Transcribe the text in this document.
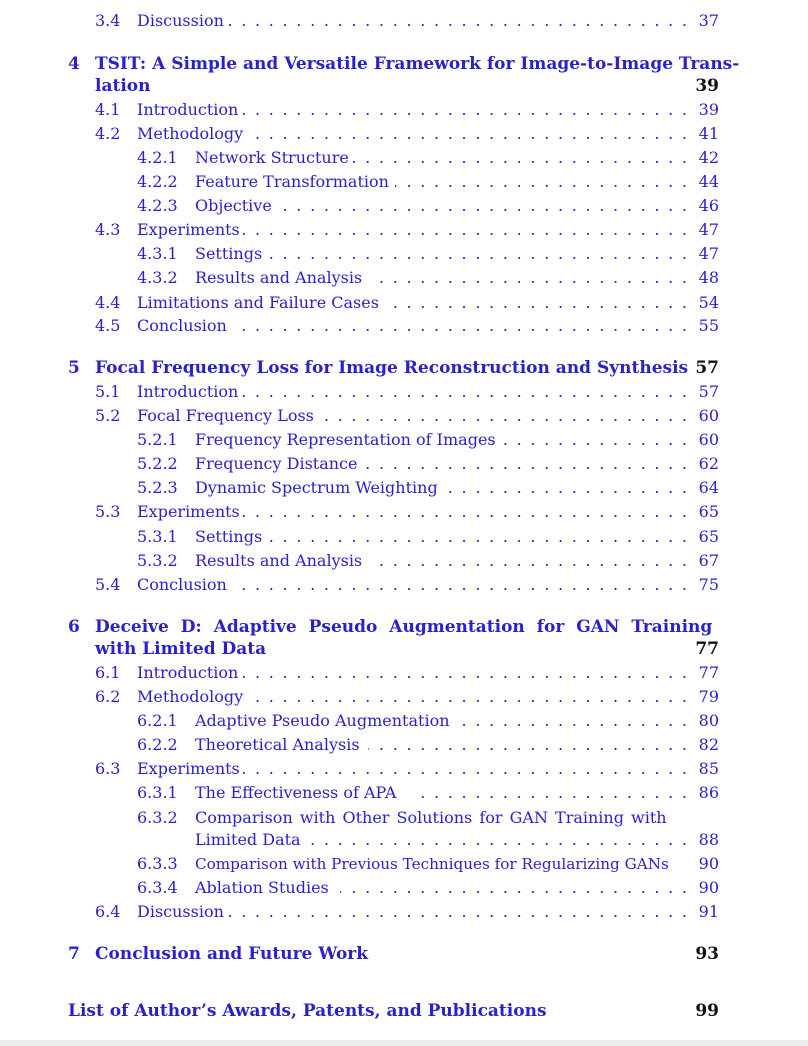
3.4 Discussion . . .	37
4 TSIT: A Simple and Versatile Framework for Image-to-Image Trans-
lation	39
4.1 Introduction . . .	39
4.2 Methodology . . .	41
4.2.1 Network Structure . . .	42
4.2.2 Feature Transformation . . .	44
4.2.3 Objective . . .	46
4.3 Experiments . . .	47
4.3.1 Settings . . .	47
4.3.2 Results and Analysis . . .	48
4.4 Limitations and Failure Cases . . .	54
4.5 Conclusion . . .	55
5 Focal Frequency Loss for Image Reconstruction and Synthesis 57
5.1 Introduction . . .	57
5.2 Focal Frequency Loss . . .	60
5.2.1 Frequency Representation of Images . . .	60
5.2.2 Frequency Distance . . .	62
5.2.3 Dynamic Spectrum Weighting . . .	64
5.3 Experiments . . .	65
5.3.1 Settings . . .	65
5.3.2 Results and Analysis . . .	67
5.4 Conclusion . . .	75
6 Deceive D: Adaptive Pseudo Augmentation for GAN Training
with Limited Data	77
6.1 Introduction . . .	77
6.2 Methodology . . .	79
6.2.1 Adaptive Pseudo Augmentation . . .	80
6.2.2 Theoretical Analysis . . .	82
6.3 Experiments . . .	85
6.3.1 The Effectiveness of APA . . .	86
6.3.2 Comparison with Other Solutions for GAN Training with
Limited Data . . .	88
6.3.3 Comparison with Previous Techniques for Regularizing GANs 90
6.3.4 Ablation Studies . . .	90
6.4 Discussion . . .	91
7 Conclusion and Future Work	93
List of Author’s Awards, Patents, and Publications	99
